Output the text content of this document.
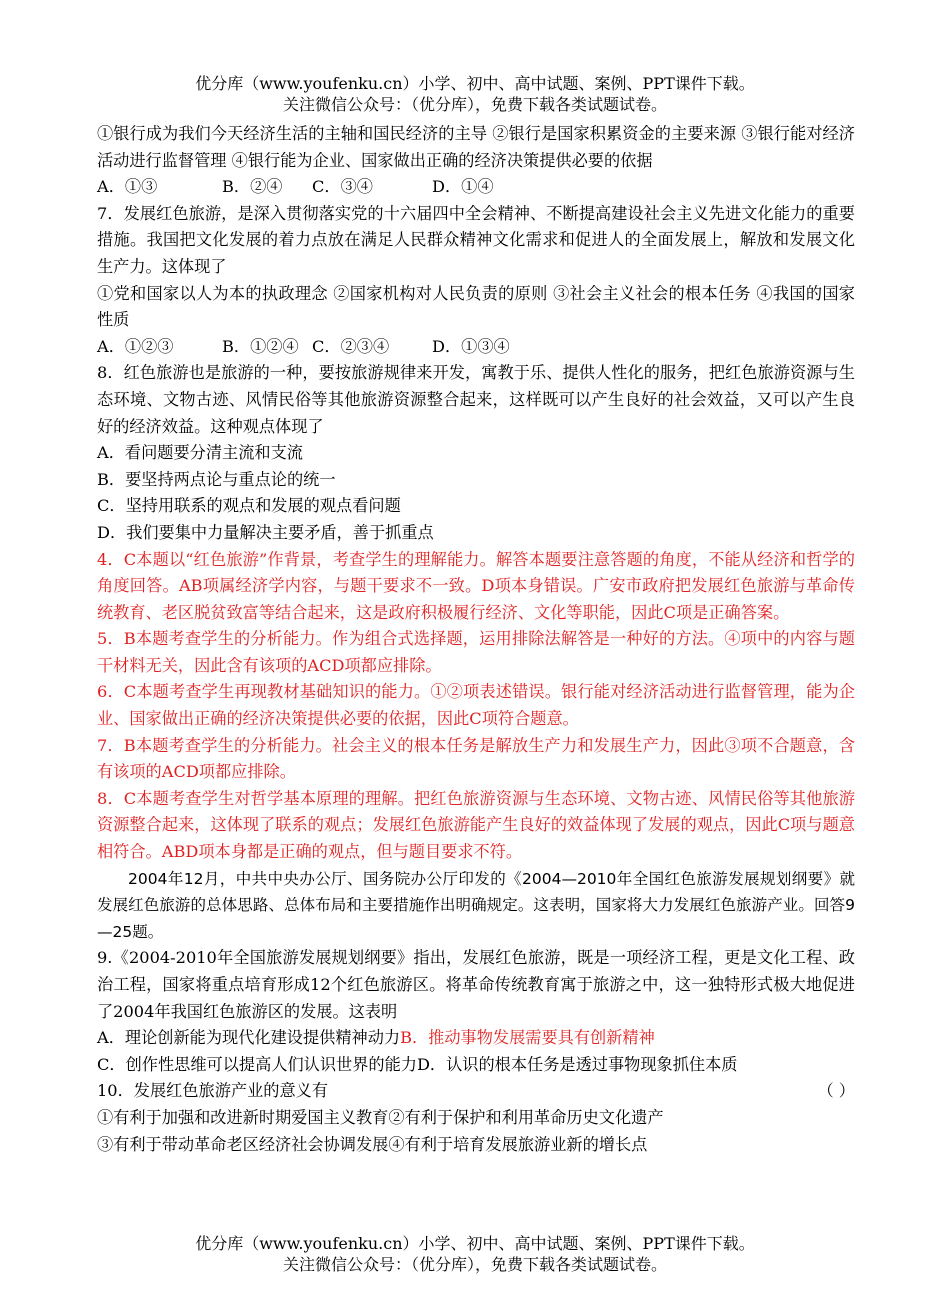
优分库（www.youfenku.cn）小学、初中、高中试题、案例、PPT课件下载。
关注微信公众号：（优分库），免费下载各类试题试卷。

①银行成为我们今天经济生活的主轴和国民经济的主导 ②银行是国家积累资金的主要来源 ③银行能对经济活动进行监督管理 ④银行能为企业、国家做出正确的经济决策提供必要的依据

A．①③	B．②④ C．③④	D．①④

7．发展红色旅游，是深入贯彻落实党的十六届四中全会精神、不断提高建设社会主义先进文化能力的重要措施。我国把文化发展的着力点放在满足人民群众精神文化需求和促进人的全面发展上，解放和发展文化生产力。这体现了

①党和国家以人为本的执政理念 ②国家机构对人民负责的原则 ③社会主义社会的根本任务 ④我国的国家性质

A．①②③	B．①②④ C．②③④	D．①③④

8．红色旅游也是旅游的一种，要按旅游规律来开发，寓教于乐、提供人性化的服务，把红色旅游资源与生态环境、文物古迹、风情民俗等其他旅游资源整合起来，这样既可以产生良好的社会效益，又可以产生良好的经济效益。这种观点体现了

A．看问题要分清主流和支流

B．要坚持两点论与重点论的统一

C．坚持用联系的观点和发展的观点看问题

D．我们要集中力量解决主要矛盾，善于抓重点

4．C本题以“红色旅游”作背景，考查学生的理解能力。解答本题要注意答题的角度，不能从经济和哲学的角度回答。AB项属经济学内容，与题干要求不一致。D项本身错误。广安市政府把发展红色旅游与革命传统教育、老区脱贫致富等结合起来，这是政府积极履行经济、文化等职能，因此C项是正确答案。

5．B本题考查学生的分析能力。作为组合式选择题，运用排除法解答是一种好的方法。④项中的内容与题干材料无关，因此含有该项的ACD项都应排除。

6．C本题考查学生再现教材基础知识的能力。①②项表述错误。银行能对经济活动进行监督管理，能为企业、国家做出正确的经济决策提供必要的依据，因此C项符合题意。

7．B本题考查学生的分析能力。社会主义的根本任务是解放生产力和发展生产力，因此③项不合题意，含有该项的ACD项都应排除。

8．C本题考查学生对哲学基本原理的理解。把红色旅游资源与生态环境、文物古迹、风情民俗等其他旅游资源整合起来，这体现了联系的观点；发展红色旅游能产生良好的效益体现了发展的观点，因此C项与题意相符合。ABD项本身都是正确的观点，但与题目要求不符。

2004年12月，中共中央办公厅、国务院办公厅印发的《2004—2010年全国红色旅游发展规划纲要》就发展红色旅游的总体思路、总体布局和主要措施作出明确规定。这表明，国家将大力发展红色旅游产业。回答9—25题。

9.《2004-2010年全国旅游发展规划纲要》指出，发展红色旅游，既是一项经济工程，更是文化工程、政治工程，国家将重点培育形成12个红色旅游区。将革命传统教育寓于旅游之中，这一独特形式极大地促进了2004年我国红色旅游区的发展。这表明

A．理论创新能为现代化建设提供精神动力B．推动事物发展需要具有创新精神

C．创作性思维可以提高人们认识世界的能力D．认识的根本任务是透过事物现象抓住本质

10．发展红色旅游产业的意义有	（ ）

①有利于加强和改进新时期爱国主义教育②有利于保护和利用革命历史文化遗产

③有利于带动革命老区经济社会协调发展④有利于培育发展旅游业新的增长点

优分库（www.youfenku.cn）小学、初中、高中试题、案例、PPT课件下载。
关注微信公众号：（优分库），免费下载各类试题试卷。
